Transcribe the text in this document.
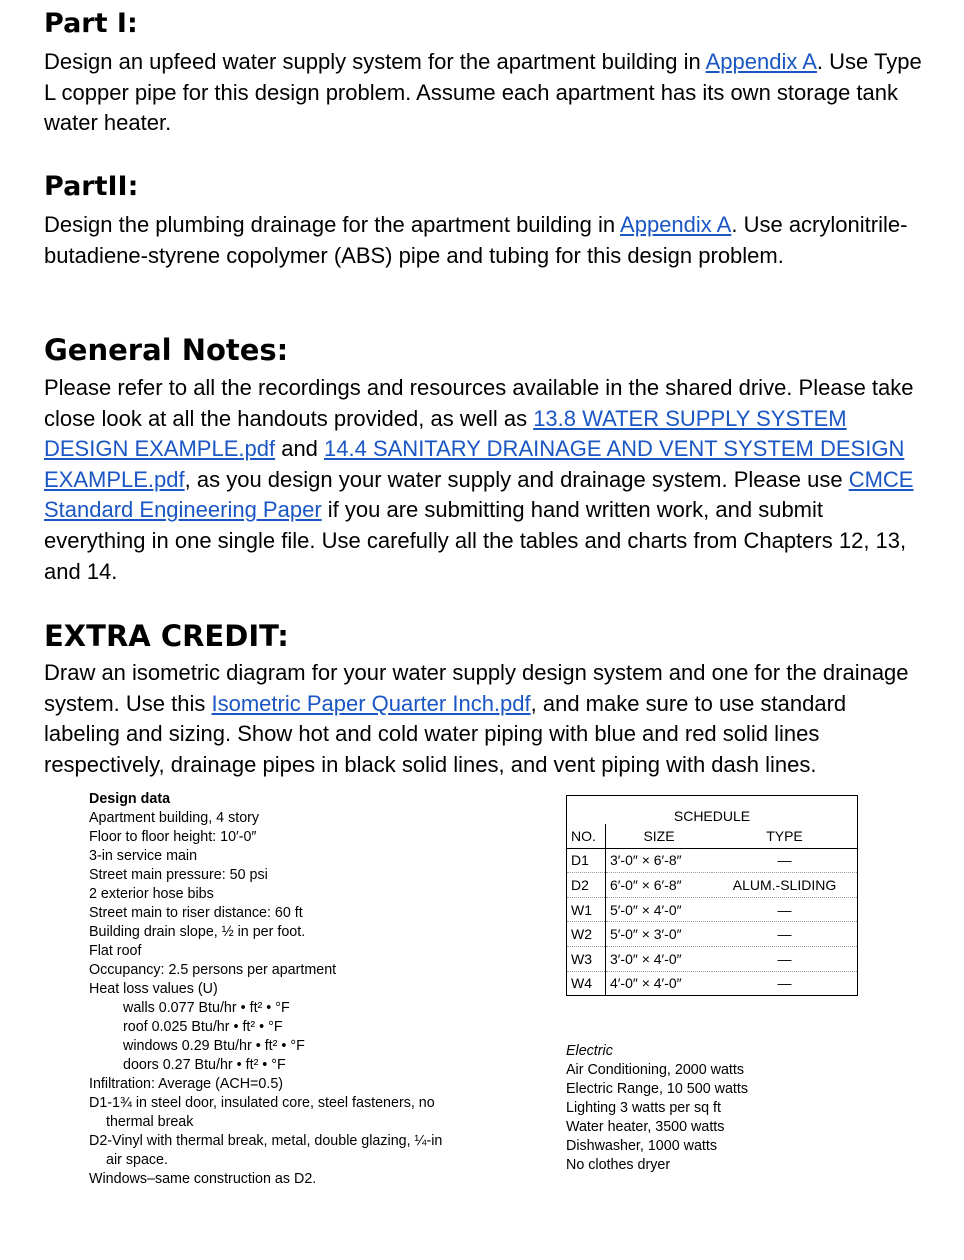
Part I:

Design an upfeed water supply system for the apartment building in Appendix A. Use Type L copper pipe for this design problem. Assume each apartment has its own storage tank water heater.

PartII:

Design the plumbing drainage for the apartment building in Appendix A. Use acrylonitrile-butadiene-styrene copolymer (ABS) pipe and tubing for this design problem.

General Notes:

Please refer to all the recordings and resources available in the shared drive. Please take close look at all the handouts provided, as well as 13.8 WATER SUPPLY SYSTEM DESIGN EXAMPLE.pdf and 14.4 SANITARY DRAINAGE AND VENT SYSTEM DESIGN EXAMPLE.pdf, as you design your water supply and drainage system. Please use CMCE Standard Engineering Paper if you are submitting hand written work, and submit everything in one single file. Use carefully all the tables and charts from Chapters 12, 13, and 14.

EXTRA CREDIT:

Draw an isometric diagram for your water supply design system and one for the drainage system. Use this Isometric Paper Quarter Inch.pdf, and make sure to use standard labeling and sizing. Show hot and cold water piping with blue and red solid lines respectively, drainage pipes in black solid lines, and vent piping with dash lines.

Design data
Apartment building, 4 story
Floor to floor height: 10′-0″
3-in service main
Street main pressure: 50 psi
2 exterior hose bibs
Street main to riser distance: 60 ft
Building drain slope, ½ in per foot.
Flat roof
Occupancy: 2.5 persons per apartment
Heat loss values (U)
walls 0.077 Btu/hr • ft² • °F
roof 0.025 Btu/hr • ft² • °F
windows 0.29 Btu/hr • ft² • °F
doors 0.27 Btu/hr • ft² • °F
Infiltration: Average (ACH=0.5)
D1-1¾ in steel door, insulated core, steel fasteners, no
thermal break
D2-Vinyl with thermal break, metal, double glazing, ¼-in
air space.
Windows–same construction as D2.
SCHEDULE		
NO.	SIZE	TYPE
D1	3′-0″ × 6′-8″	—
D2	6′-0″ × 6′-8″	ALUM.-SLIDING
W1	5′-0″ × 4′-0″	—
W2	5′-0″ × 3′-0″	—
W3	3′-0″ × 4′-0″	—
W4	4′-0″ × 4′-0″	—
Electric
Air Conditioning, 2000 watts
Electric Range, 10 500 watts
Lighting 3 watts per sq ft
Water heater, 3500 watts
Dishwasher, 1000 watts
No clothes dryer
